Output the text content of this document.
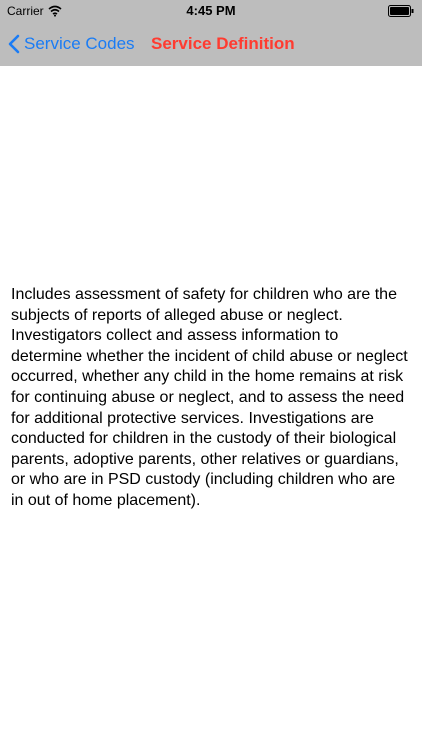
Carrier	4:45 PM
Service Codes Service Definition
Includes assessment of safety for children who are the subjects of reports of alleged abuse or neglect. Investigators collect and assess information to determine whether the incident of child abuse or neglect occurred, whether any child in the home remains at risk for continuing abuse or neglect, and to assess the need for additional protective services. Investigations are conducted for children in the custody of their biological parents, adoptive parents, other relatives or guardians, or who are in PSD custody (including children who are in out of home placement).
